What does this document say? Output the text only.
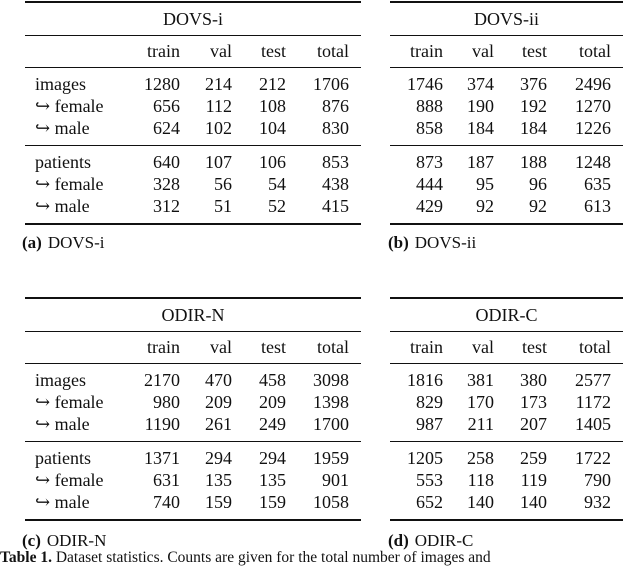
DOVS-i					
	train	val	test	total	
images	1280	214	212	1706	
↪ female	656	112	108	876	
↪ male	624	102	104	830	
patients	640	107	106	853	
↪ female	328	56	54	438	
↪ male	312	51	52	415	
DOVS-ii				
train	val	test	total	
1746	374	376	2496	
888	190	192	1270	
858	184	184	1226	
873	187	188	1248	
444	95	96	635	
429	92	92	613	
ODIR-N					
	train	val	test	total	
images	2170	470	458	3098	
↪ female	980	209	209	1398	
↪ male	1190	261	249	1700	
patients	1371	294	294	1959	
↪ female	631	135	135	901	
↪ male	740	159	159	1058	
ODIR-C				
train	val	test	total	
1816	381	380	2577	
829	170	173	1172	
987	211	207	1405	
1205	258	259	1722	
553	118	119	790	
652	140	140	932	
(a) DOVS-i	(b) DOVS-ii
(c) ODIR-N	(d) ODIR-C
Table 1. Dataset statistics. Counts are given for the total number of images and
